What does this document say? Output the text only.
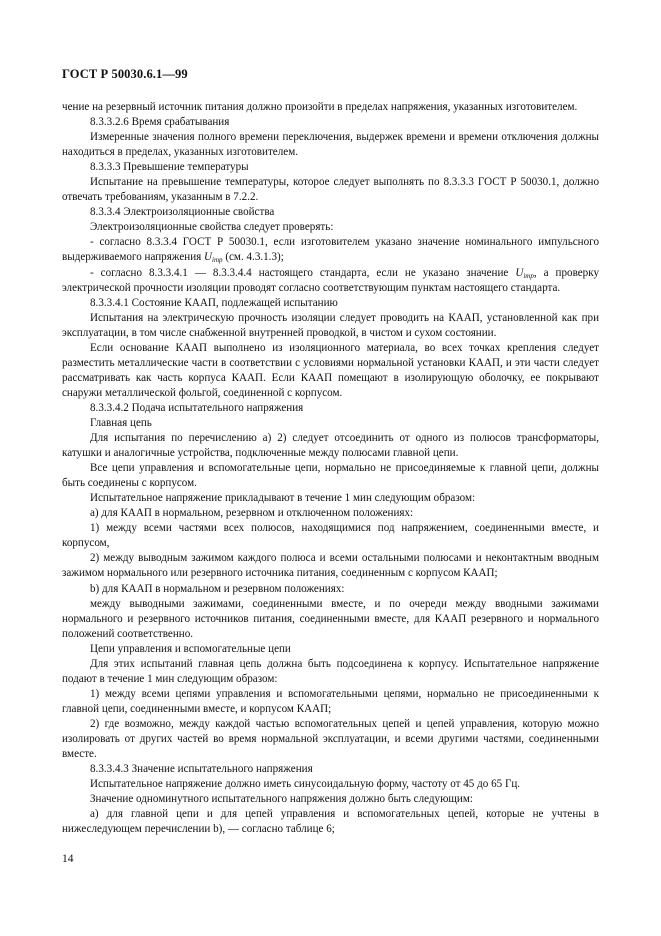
ГОСТ Р 50030.6.1—99

чение на резервный источник питания должно произойти в пределах напряжения, указанных изготовителем.

8.3.3.2.6 Время срабатывания

Измеренные значения полного времени переключения, выдержек времени и времени отключения должны находиться в пределах, указанных изготовителем.

8.3.3.3 Превышение температуры

Испытание на превышение температуры, которое следует выполнять по 8.3.3.3 ГОСТ Р 50030.1, должно отвечать требованиям, указанным в 7.2.2.

8.3.3.4 Электроизоляционные свойства

Электроизоляционные свойства следует проверять:

- согласно 8.3.3.4 ГОСТ Р 50030.1, если изготовителем указано значение номинального импульсного выдерживаемого напряжения $U_{imp}$ (см. 4.3.1.3);

- согласно 8.3.3.4.1 — 8.3.3.4.4 настоящего стандарта, если не указано значение $U_{imp}$, а проверку электрической прочности изоляции проводят согласно соответствующим пунктам настоящего стандарта.

8.3.3.4.1 Состояние КААП, подлежащей испытанию

Испытания на электрическую прочность изоляции следует проводить на КААП, установленной как при эксплуатации, в том числе снабженной внутренней проводкой, в чистом и сухом состоянии.

Если основание КААП выполнено из изоляционного материала, во всех точках крепления следует разместить металлические части в соответствии с условиями нормальной установки КААП, и эти части следует рассматривать как часть корпуса КААП. Если КААП помещают в изолирующую оболочку, ее покрывают снаружи металлической фольгой, соединенной с корпусом.

8.3.3.4.2 Подача испытательного напряжения

Главная цепь

Для испытания по перечислению а) 2) следует отсоединить от одного из полюсов трансформаторы, катушки и аналогичные устройства, подключенные между полюсами главной цепи.

Все цепи управления и вспомогательные цепи, нормально не присоединяемые к главной цепи, должны быть соединены с корпусом.

Испытательное напряжение прикладывают в течение 1 мин следующим образом:

а) для КААП в нормальном, резервном и отключенном положениях:

1) между всеми частями всех полюсов, находящимися под напряжением, соединенными вместе, и корпусом,

2) между выводным зажимом каждого полюса и всеми остальными полюсами и неконтактным вводным зажимом нормального или резервного источника питания, соединенным с корпусом КААП;

b) для КААП в нормальном и резервном положениях:

между выводными зажимами, соединенными вместе, и по очереди между вводными зажимами нормального и резервного источников питания, соединенными вместе, для КААП резервного и нормального положений соответственно.

Цепи управления и вспомогательные цепи

Для этих испытаний главная цепь должна быть подсоединена к корпусу. Испытательное напряжение подают в течение 1 мин следующим образом:

1) между всеми цепями управления и вспомогательными цепями, нормально не присоединенными к главной цепи, соединенными вместе, и корпусом КААП;

2) где возможно, между каждой частью вспомогательных цепей и цепей управления, которую можно изолировать от других частей во время нормальной эксплуатации, и всеми другими частями, соединенными вместе.

8.3.3.4.3 Значение испытательного напряжения

Испытательное напряжение должно иметь синусоидальную форму, частоту от 45 до 65 Гц.

Значение одноминутного испытательного напряжения должно быть следующим:

а) для главной цепи и для цепей управления и вспомогательных цепей, которые не учтены в нижеследующем перечислении b), — согласно таблице 6;

14
